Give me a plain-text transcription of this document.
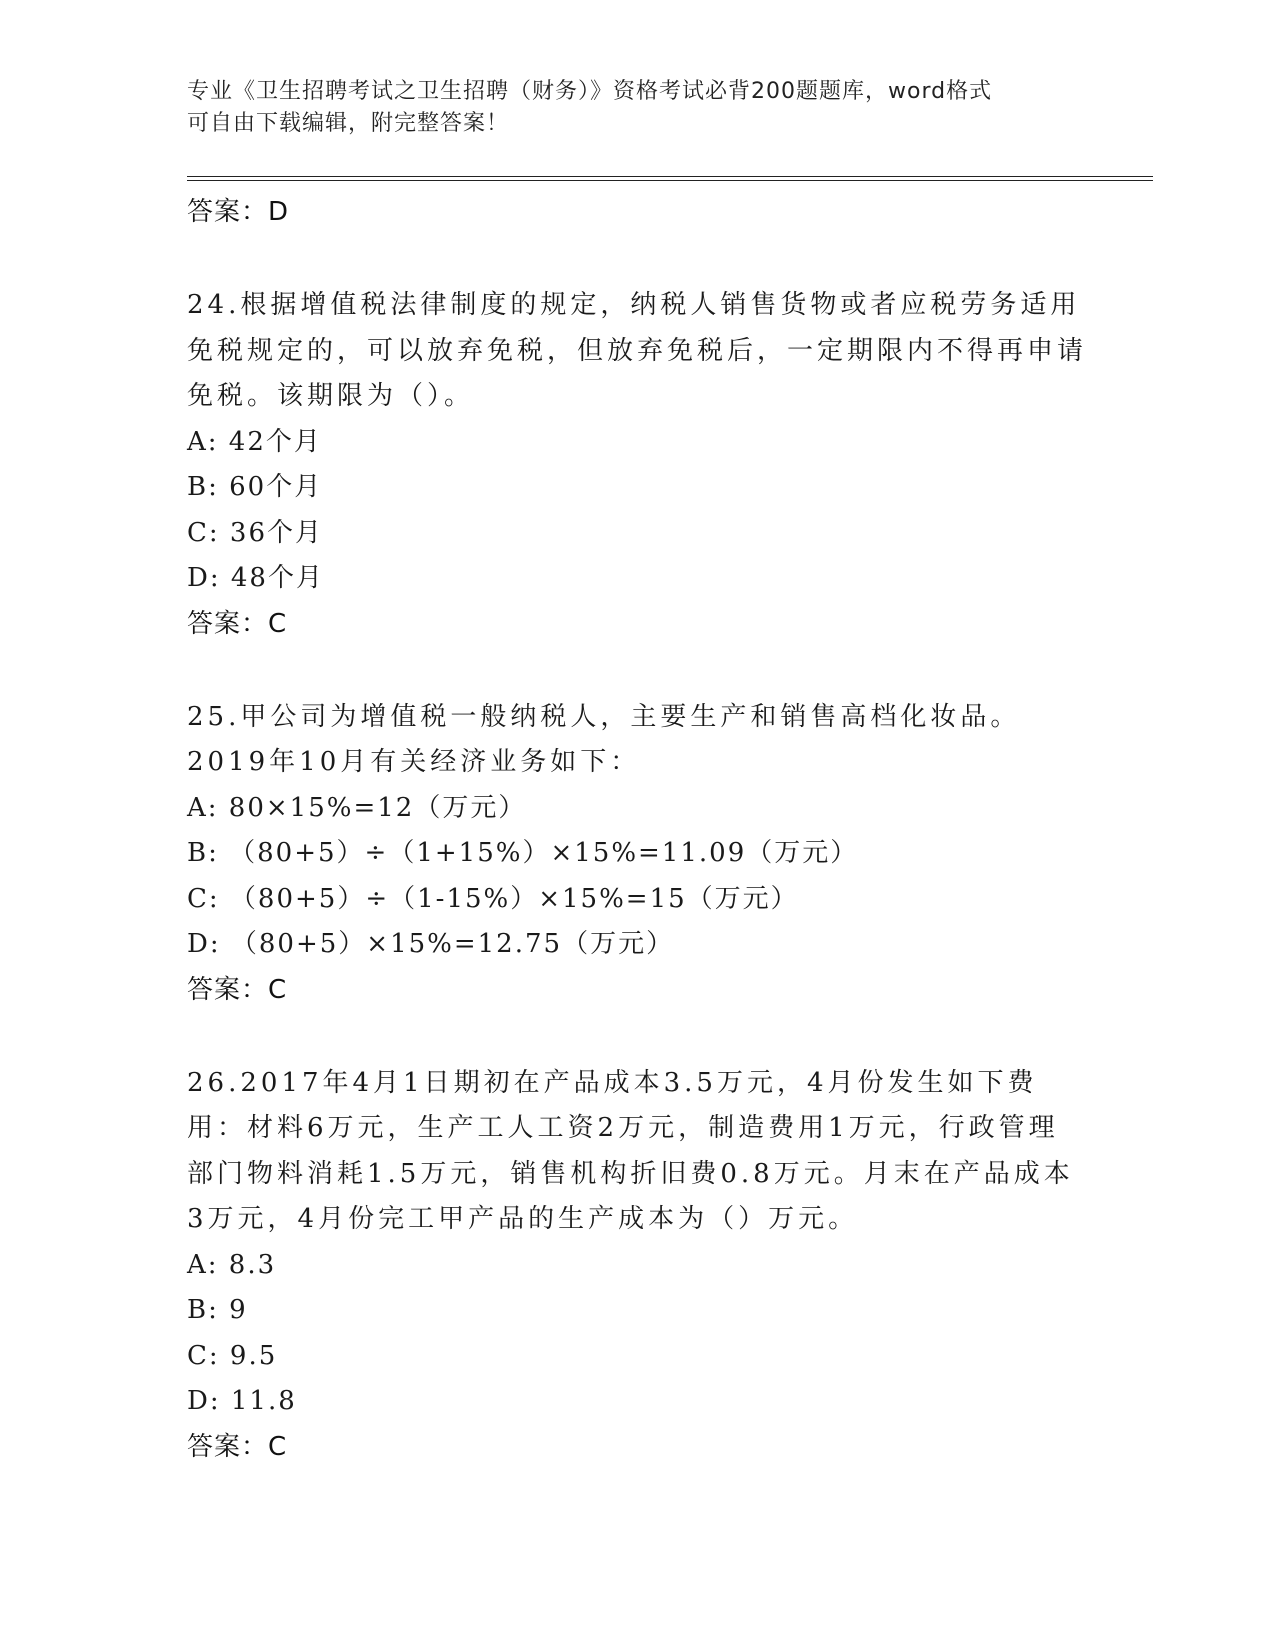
专业《卫生招聘考试之卫生招聘（财务）》资格考试必背200题题库，word格式
可自由下载编辑，附完整答案！
答案：D

24.根据增值税法律制度的规定，纳税人销售货物或者应税劳务适用免税规定的，可以放弃免税，但放弃免税后，一定期限内不得再申请免税。该期限为（）。

A: 42个月
B: 60个月
C: 36个月
D: 48个月
答案：C

25.甲公司为增值税一般纳税人，主要生产和销售高档化妆品。2019年10月有关经济业务如下：

A: 80×15%=12（万元）
B: （80+5）÷（1+15%）×15%=11.09（万元）
C: （80+5）÷（1-15%）×15%=15（万元）
D: （80+5）×15%=12.75（万元）
答案：C

26.2017年4月1日期初在产品成本3.5万元，4月份发生如下费用：材料6万元，生产工人工资2万元，制造费用1万元，行政管理部门物料消耗1.5万元，销售机构折旧费0.8万元。月末在产品成本3万元，4月份完工甲产品的生产成本为（）万元。

A: 8.3
B: 9
C: 9.5
D: 11.8
答案：C
